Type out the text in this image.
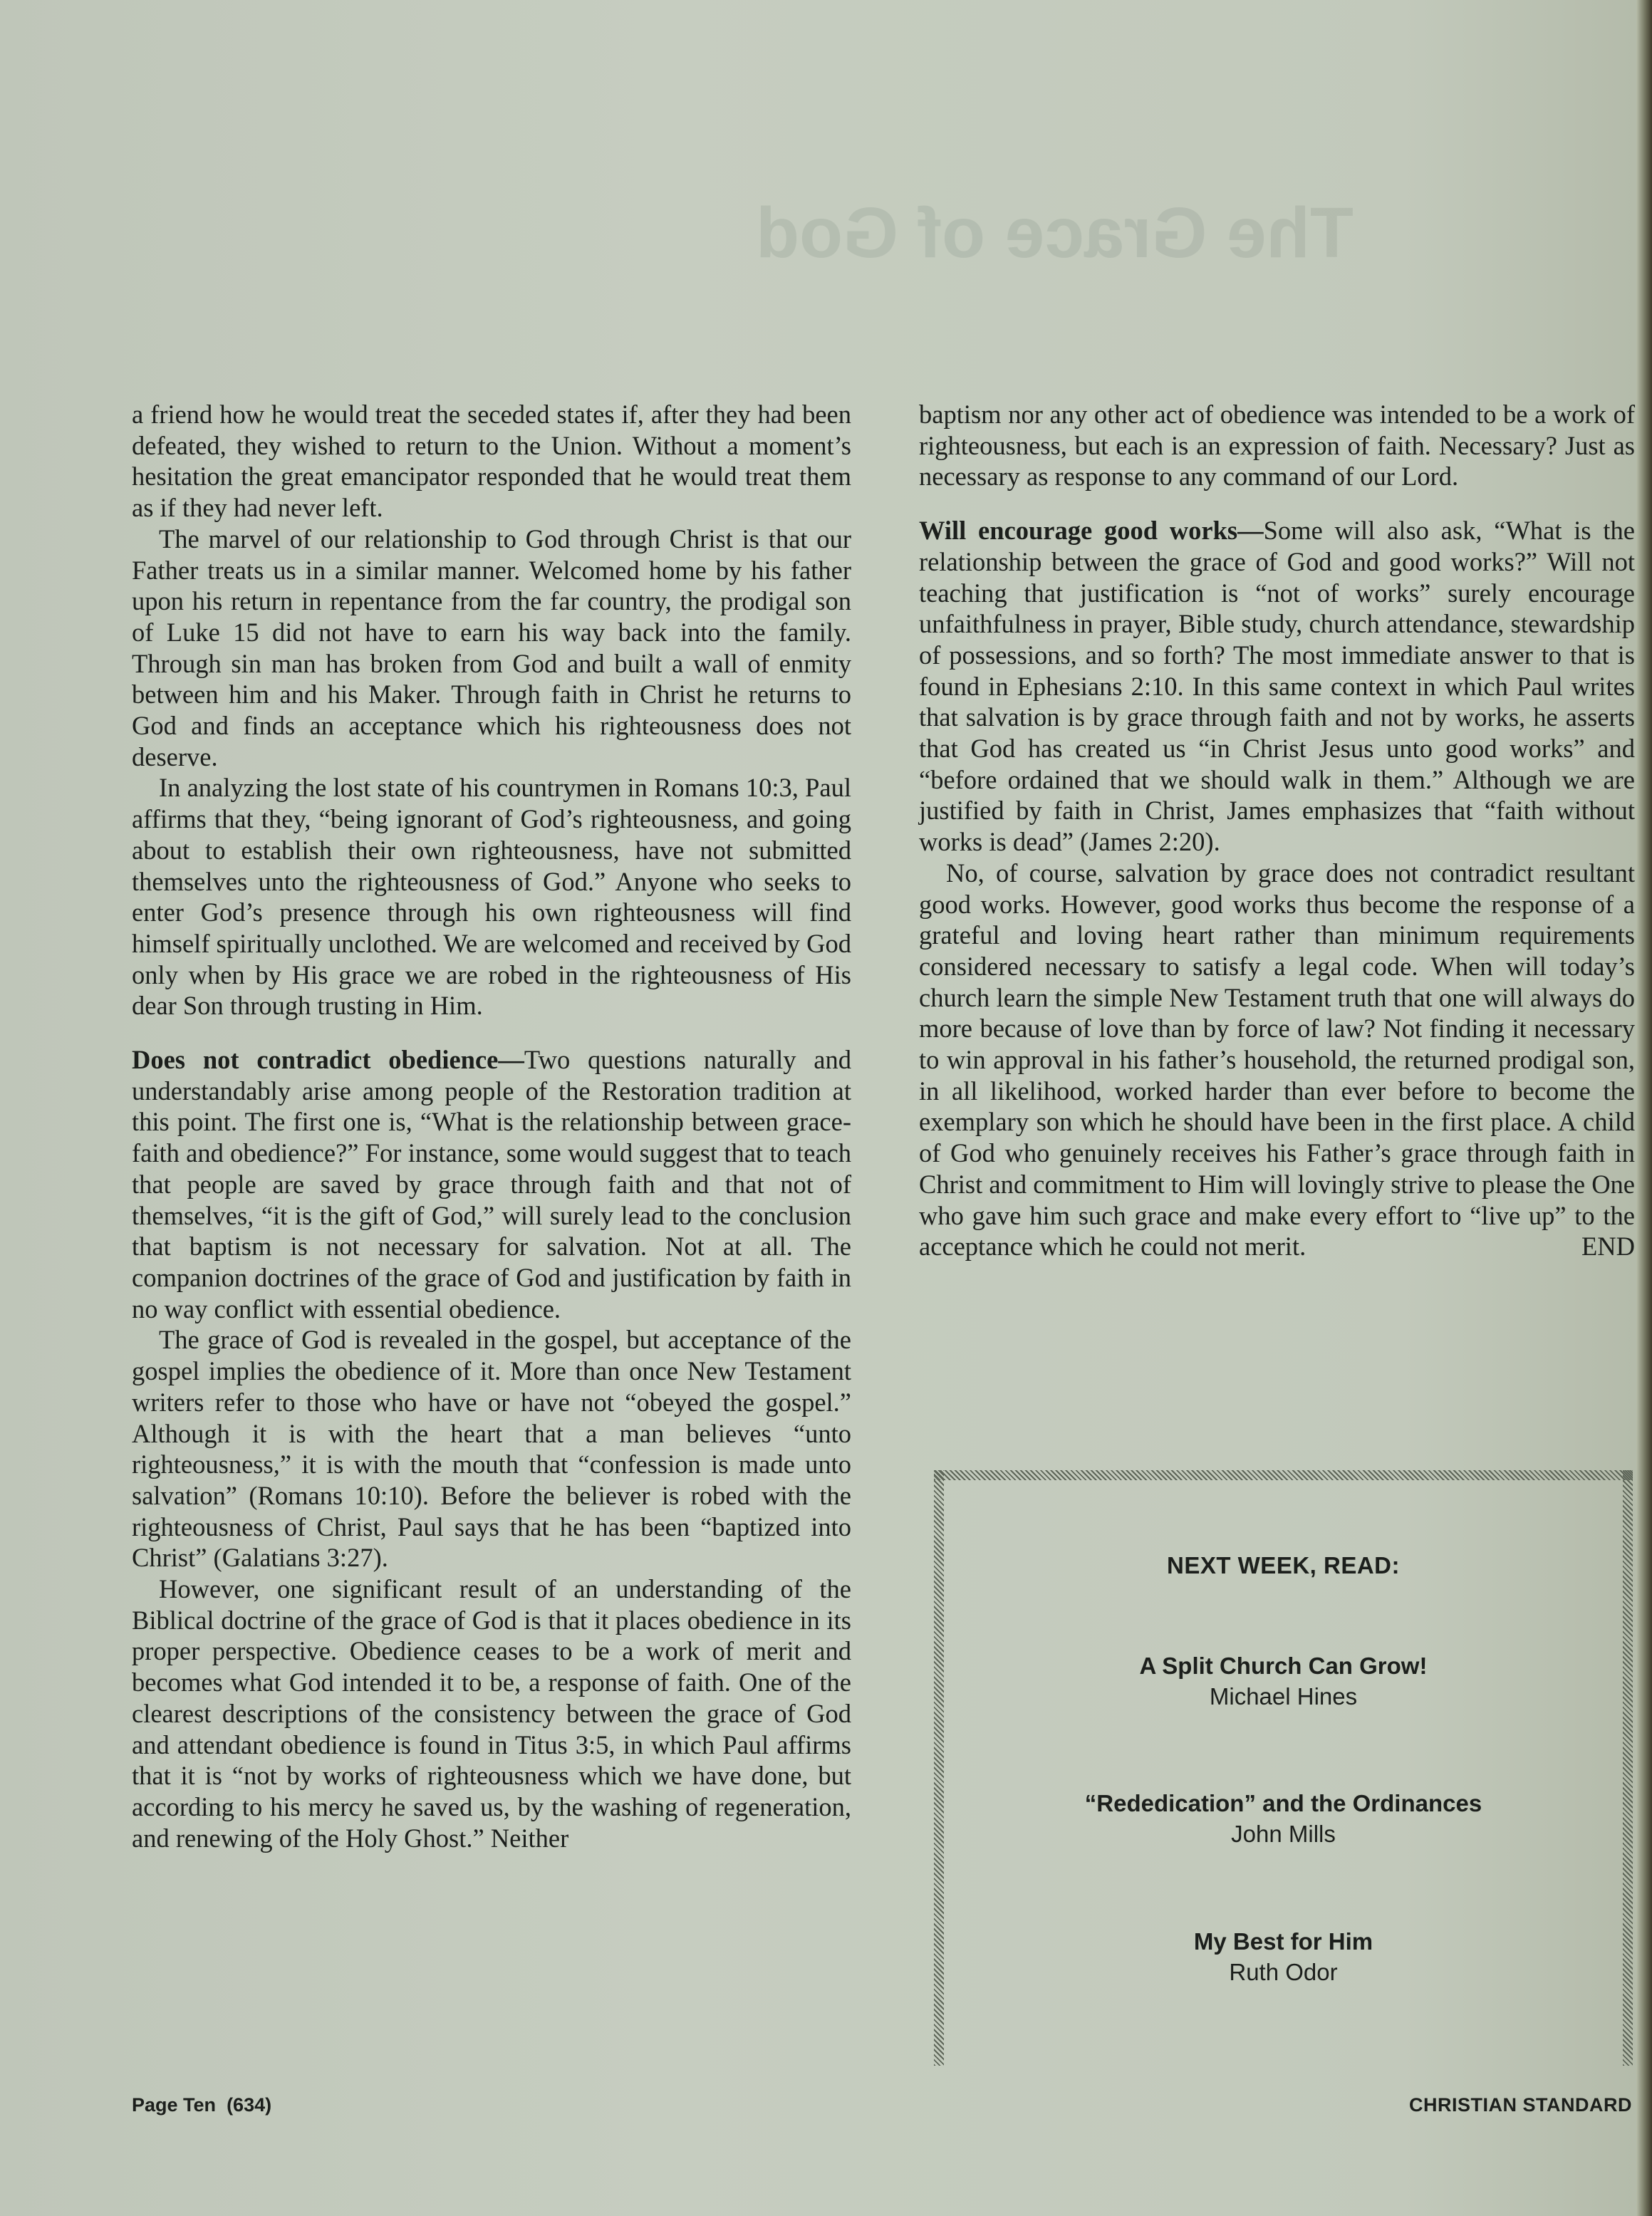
The Grace of God

a friend how he would treat the seceded states if, after they had been defeated, they wished to return to the Union. Without a moment’s hesitation the great emancipator responded that he would treat them as if they had never left.

The marvel of our relationship to God through Christ is that our Father treats us in a similar manner. Welcomed home by his father upon his return in repentance from the far country, the prodigal son of Luke 15 did not have to earn his way back into the family. Through sin man has broken from God and built a wall of enmity between him and his Maker. Through faith in Christ he returns to God and finds an acceptance which his righteousness does not deserve.

In analyzing the lost state of his countrymen in Romans 10:3, Paul affirms that they, “being ignorant of God’s righteousness, and going about to establish their own righteousness, have not submitted themselves unto the righteousness of God.” Anyone who seeks to enter God’s presence through his own righteousness will find himself spiritually unclothed. We are welcomed and received by God only when by His grace we are robed in the righteousness of His dear Son through trusting in Him.

Does not contradict obedience—Two questions naturally and understandably arise among people of the Restoration tradition at this point. The first one is, “What is the relationship between grace-faith and obedience?” For instance, some would suggest that to teach that people are saved by grace through faith and that not of themselves, “it is the gift of God,” will surely lead to the conclusion that baptism is not necessary for salvation. Not at all. The companion doctrines of the grace of God and justification by faith in no way conflict with essential obedience.

The grace of God is revealed in the gospel, but acceptance of the gospel implies the obedience of it. More than once New Testament writers refer to those who have or have not “obeyed the gospel.” Although it is with the heart that a man believes “unto righteousness,” it is with the mouth that “confession is made unto salvation” (Romans 10:10). Before the believer is robed with the righteousness of Christ, Paul says that he has been “baptized into Christ” (Galatians 3:27).

However, one significant result of an understanding of the Biblical doctrine of the grace of God is that it places obedience in its proper perspective. Obedience ceases to be a work of merit and becomes what God intended it to be, a response of faith. One of the clearest descriptions of the consistency between the grace of God and attendant obedience is found in Titus 3:5, in which Paul affirms that it is “not by works of righteousness which we have done, but according to his mercy he saved us, by the washing of regeneration, and renewing of the Holy Ghost.” Neither

baptism nor any other act of obedience was intended to be a work of righteousness, but each is an expression of faith. Necessary? Just as necessary as response to any command of our Lord.

Will encourage good works—Some will also ask, “What is the relationship between the grace of God and good works?” Will not teaching that justification is “not of works” surely encourage unfaithfulness in prayer, Bible study, church attendance, stewardship of possessions, and so forth? The most immediate answer to that is found in Ephesians 2:10. In this same context in which Paul writes that salvation is by grace through faith and not by works, he asserts that God has created us “in Christ Jesus unto good works” and “before ordained that we should walk in them.” Although we are justified by faith in Christ, James emphasizes that “faith without works is dead” (James 2:20).

No, of course, salvation by grace does not contradict resultant good works. However, good works thus become the response of a grateful and loving heart rather than minimum requirements considered necessary to satisfy a legal code. When will today’s church learn the simple New Testament truth that one will always do more because of love than by force of law? Not finding it necessary to win approval in his father’s household, the returned prodigal son, in all likelihood, worked harder than ever before to become the exemplary son which he should have been in the first place. A child of God who genuinely receives his Father’s grace through faith in Christ and commitment to Him will lovingly strive to please the One who gave him such grace and make every effort to “live up” to the acceptance which he could not merit.	END

NEXT WEEK, READ:
A Split Church Can Grow!
Michael Hines
“Rededication” and the Ordinances
John Mills
My Best for Him
Ruth Odor
Page Ten (634)	CHRISTIAN STANDARD
